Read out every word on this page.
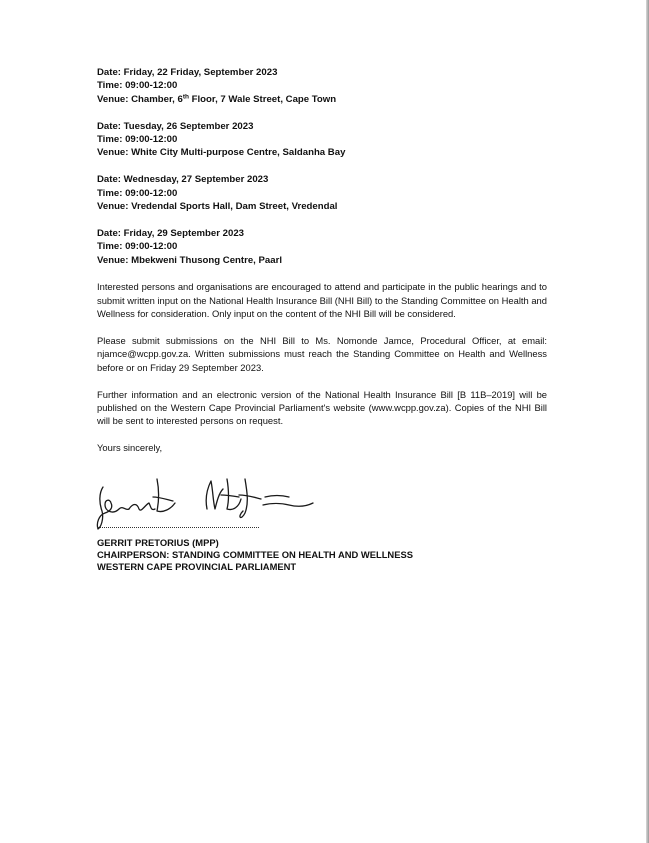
Date: Friday, 22 Friday, September 2023
Time: 09:00-12:00
Venue: Chamber, 6th Floor, 7 Wale Street, Cape Town
Date: Tuesday, 26 September 2023
Time: 09:00-12:00
Venue: White City Multi-purpose Centre, Saldanha Bay
Date: Wednesday, 27 September 2023
Time: 09:00-12:00
Venue: Vredendal Sports Hall, Dam Street, Vredendal
Date: Friday, 29 September 2023
Time: 09:00-12:00
Venue: Mbekweni Thusong Centre, Paarl

Interested persons and organisations are encouraged to attend and participate in the public hearings and to submit written input on the National Health Insurance Bill (NHI Bill) to the Standing Committee on Health and Wellness for consideration. Only input on the content of the NHI Bill will be considered.

Please submit submissions on the NHI Bill to Ms. Nomonde Jamce, Procedural Officer, at email: njamce@wcpp.gov.za. Written submissions must reach the Standing Committee on Health and Wellness before or on Friday 29 September 2023.

Further information and an electronic version of the National Health Insurance Bill [B 11B–2019] will be published on the Western Cape Provincial Parliament's website (www.wcpp.gov.za). Copies of the NHI Bill will be sent to interested persons on request.

Yours sincerely,

GERRIT PRETORIUS (MPP)
CHAIRPERSON: STANDING COMMITTEE ON HEALTH AND WELLNESS
WESTERN CAPE PROVINCIAL PARLIAMENT
